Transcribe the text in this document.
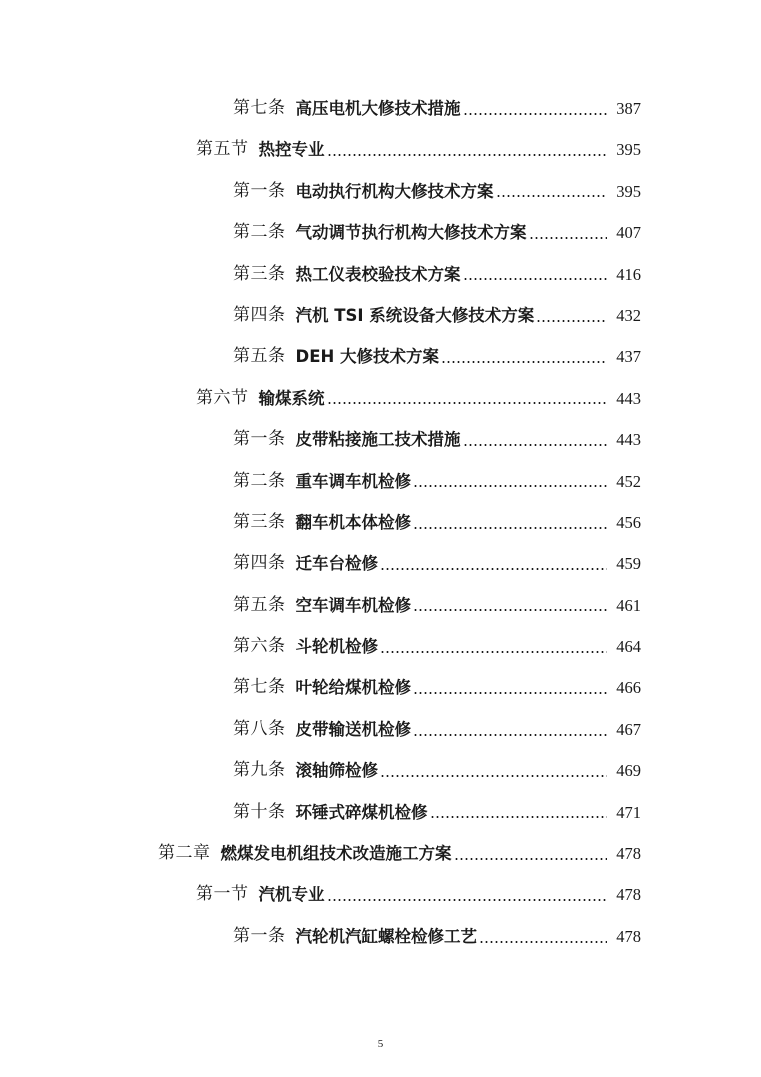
第七条 高压电机大修技术措施	387
第五节 热控专业	395
第一条 电动执行机构大修技术方案	395
第二条 气动调节执行机构大修技术方案	407
第三条 热工仪表校验技术方案	416
第四条 汽机 TSI 系统设备大修技术方案	432
第五条 DEH 大修技术方案	437
第六节 输煤系统	443
第一条 皮带粘接施工技术措施	443
第二条 重车调车机检修	452
第三条 翻车机本体检修	456
第四条 迁车台检修	459
第五条 空车调车机检修	461
第六条 斗轮机检修	464
第七条 叶轮给煤机检修	466
第八条 皮带输送机检修	467
第九条 滚轴筛检修	469
第十条 环锤式碎煤机检修	471
第二章 燃煤发电机组技术改造施工方案	478
第一节 汽机专业	478
第一条 汽轮机汽缸螺栓检修工艺	478
5
